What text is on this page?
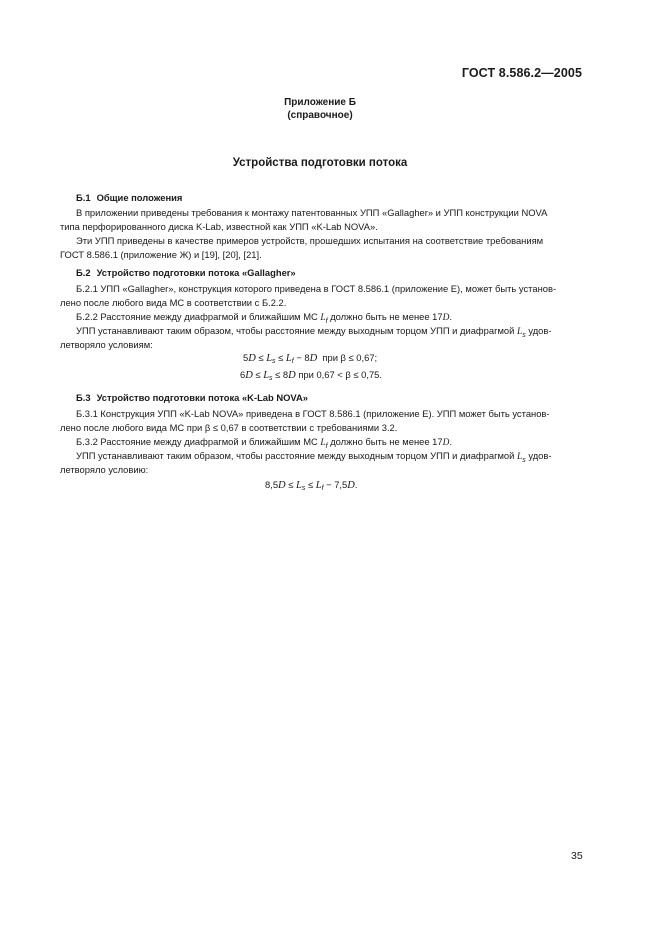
ГОСТ 8.586.2—2005
Приложение Б
(справочное)
Устройства подготовки потока
Б.1 Общие положения
В приложении приведены требования к монтажу патентованных УПП «Gallagher» и УПП конструкции NOVA
типа перфорированного диска K-Lab, известной как УПП «K-Lab NOVA».
Эти УПП приведены в качестве примеров устройств, прошедших испытания на соответствие требованиям
ГОСТ 8.586.1 (приложение Ж) и [19], [20], [21].
Б.2 Устройство подготовки потока «Gallagher»
Б.2.1 УПП «Gallagher», конструкция которого приведена в ГОСТ 8.586.1 (приложение Е), может быть установ-
лено после любого вида МС в соответствии с Б.2.2.
Б.2.2 Расстояние между диафрагмой и ближайшим МС $L_f$ должно быть не менее 17D.
УПП устанавливают таким образом, чтобы расстояние между выходным торцом УПП и диафрагмой $L_s$ удов-
летворяло условиям:
$5D \le L_s \le L_f - 8D$ при β ≤ 0,67;
$6D \le L_s \le 8D$ при 0,67 < β ≤ 0,75.
Б.3 Устройство подготовки потока «K-Lab NOVA»
Б.3.1 Конструкция УПП «K-Lab NOVA» приведена в ГОСТ 8.586.1 (приложение Е). УПП может быть установ-
лено после любого вида МС при β ≤ 0,67 в соответствии с требованиями 3.2.
Б.3.2 Расстояние между диафрагмой и ближайшим МС $L_f$ должно быть не менее 17D.
УПП устанавливают таким образом, чтобы расстояние между выходным торцом УПП и диафрагмой $L_s$ удов-
летворяло условию:
$8,5D \le L_s \le L_f - 7,5D$.
35
